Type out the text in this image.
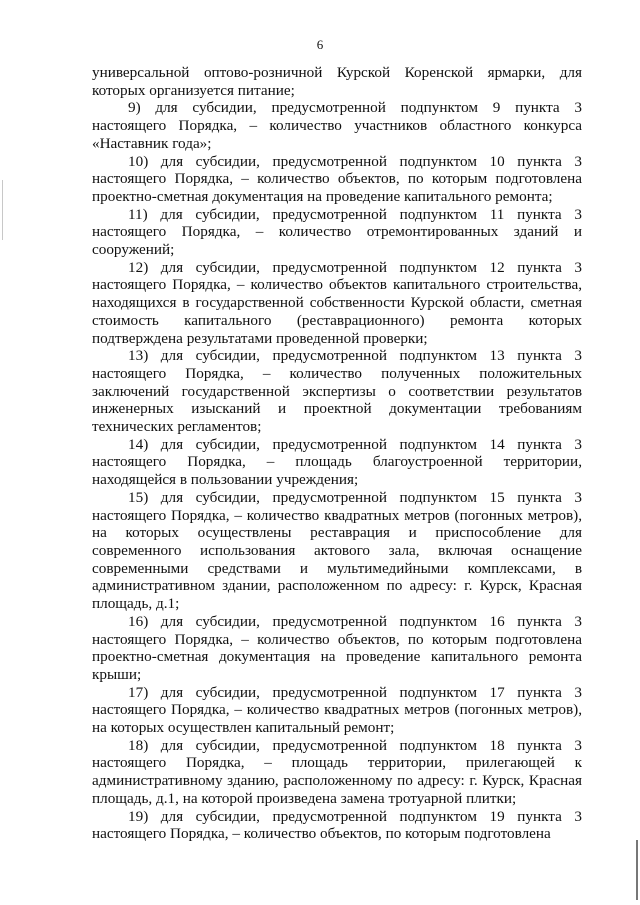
6

универсальной оптово-розничной Курской Коренской ярмарки, для которых организуется питание;

9) для субсидии, предусмотренной подпунктом 9 пункта 3 настоящего Порядка, – количество участников областного конкурса «Наставник года»;

10) для субсидии, предусмотренной подпунктом 10 пункта 3 настоящего Порядка, – количество объектов, по которым подготовлена проектно-сметная документация на проведение капитального ремонта;

11) для субсидии, предусмотренной подпунктом 11 пункта 3 настоящего Порядка, – количество отремонтированных зданий и сооружений;

12) для субсидии, предусмотренной подпунктом 12 пункта 3 настоящего Порядка, – количество объектов капитального строительства, находящихся в государственной собственности Курской области, сметная стоимость капитального (реставрационного) ремонта которых подтверждена результатами проведенной проверки;

13) для субсидии, предусмотренной подпунктом 13 пункта 3 настоящего Порядка, – количество полученных положительных заключений государственной экспертизы о соответствии результатов инженерных изысканий и проектной документации требованиям технических регламентов;

14) для субсидии, предусмотренной подпунктом 14 пункта 3 настоящего Порядка, – площадь благоустроенной территории, находящейся в пользовании учреждения;

15) для субсидии, предусмотренной подпунктом 15 пункта 3 настоящего Порядка, – количество квадратных метров (погонных метров), на которых осуществлены реставрация и приспособление для современного использования актового зала, включая оснащение современными средствами и мультимедийными комплексами, в административном здании, расположенном по адресу: г. Курск, Красная площадь, д.1;

16) для субсидии, предусмотренной подпунктом 16 пункта 3 настоящего Порядка, – количество объектов, по которым подготовлена проектно-сметная документация на проведение капитального ремонта крыши;

17) для субсидии, предусмотренной подпунктом 17 пункта 3 настоящего Порядка, – количество квадратных метров (погонных метров), на которых осуществлен капитальный ремонт;

18) для субсидии, предусмотренной подпунктом 18 пункта 3 настоящего Порядка, – площадь территории, прилегающей к административному зданию, расположенному по адресу: г. Курск, Красная площадь, д.1, на которой произведена замена тротуарной плитки;

19) для субсидии, предусмотренной подпунктом 19 пункта 3 настоящего Порядка, – количество объектов, по которым подготовлена
